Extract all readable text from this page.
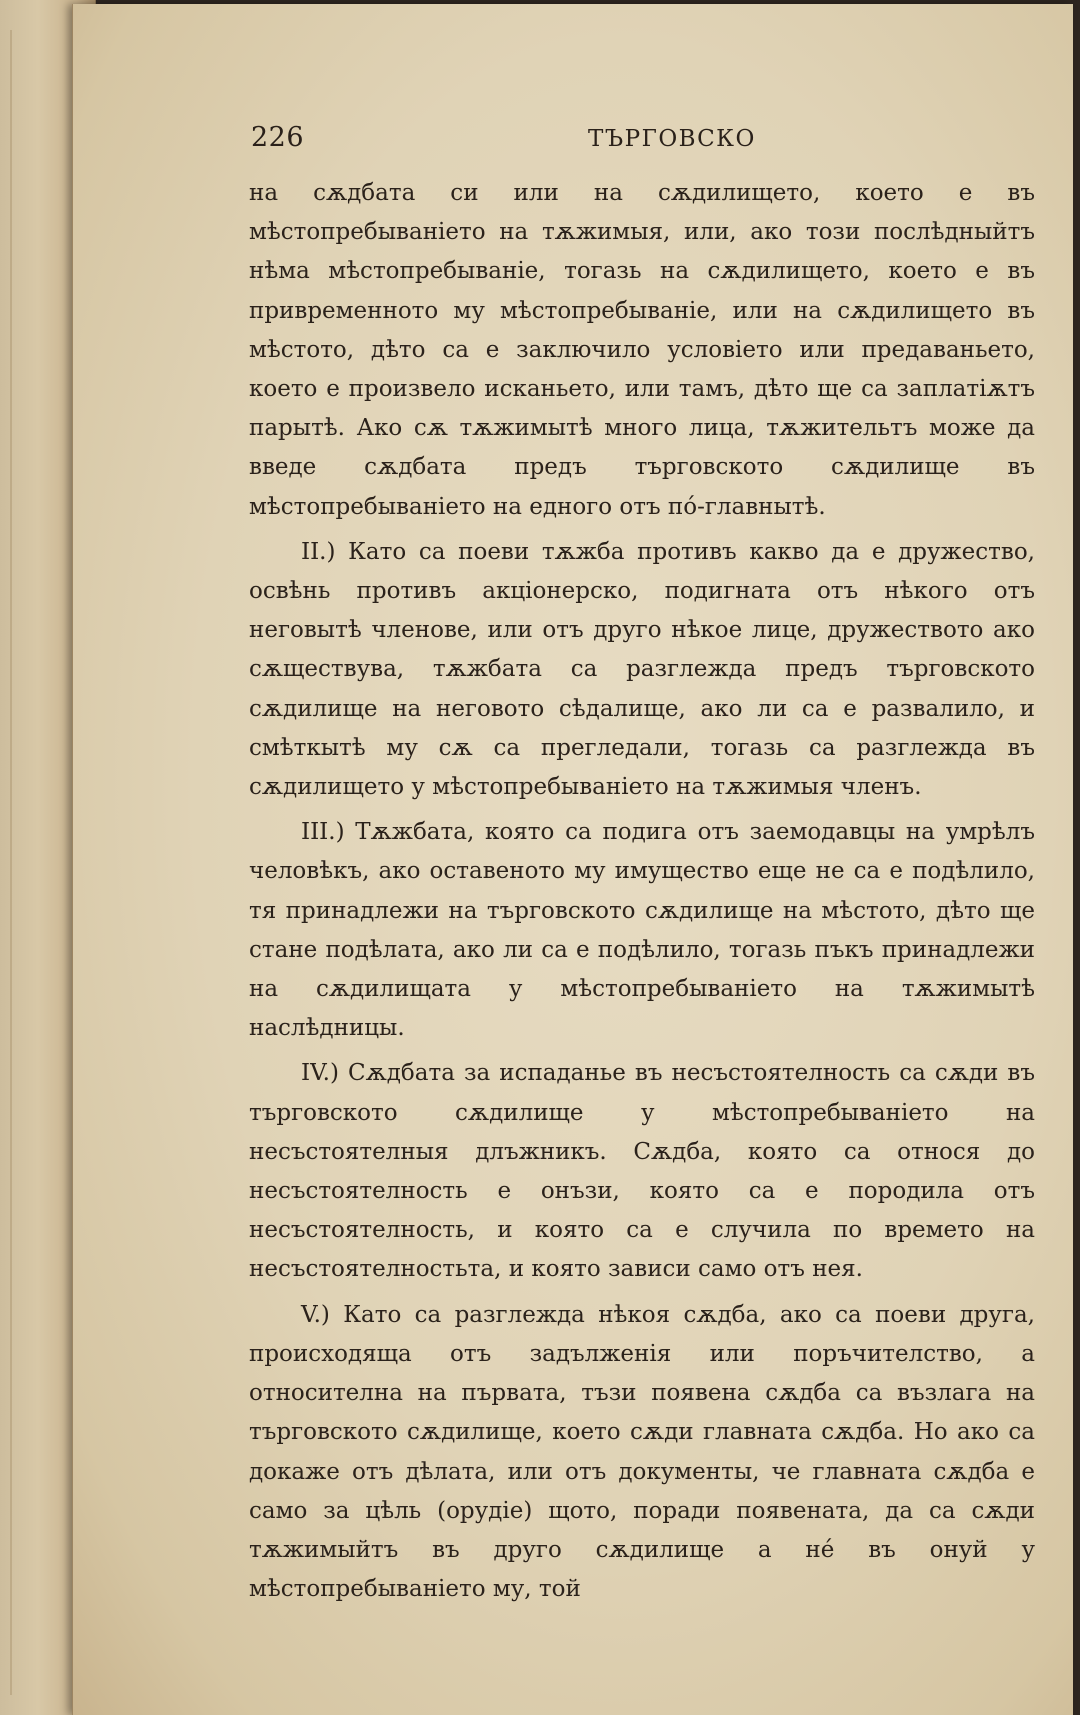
226	ТЪРГОВСКО

на сѫдбата си или на сѫдилището, което е въ мѣстопребыванiето на тѫжимыя, или, ако този послѣдныйтъ нѣма мѣстопребыванiе, тогазь на сѫдилището, което е въ привременното му мѣстопребыванiе, или на сѫдилището въ мѣстото, дѣто са е заключило условiето или предаваньето, което е произвело исканьето, или тамъ, дѣто ще са заплатiѫтъ парытѣ. Ако сѫ тѫжимытѣ много лица, тѫжительтъ може да введе сѫдбата предъ търговското сѫдилище въ мѣстопребыванiето на едного отъ пó-главнытѣ.

II.) Като са поеви тѫжба противъ какво да е дружество, освѣнь противъ акцiонерско, подигната отъ нѣкого отъ неговытѣ членове, или отъ друго нѣкое лице, дружеството ако сѫществува, тѫжбата са разглежда предъ търговското сѫдилище на неговото сѣдалище, ако ли са е развалило, и смѣткытѣ му сѫ са прегледали, тогазь са разглежда въ сѫдилището у мѣстопребыванiето на тѫжимыя членъ.

III.) Тѫжбата, която са подига отъ заемодавцы на умрѣлъ человѣкъ, ако оставеното му имущество еще не са е подѣлило, тя принадлежи на търговското сѫдилище на мѣстото, дѣто ще стане подѣлата, ако ли са е подѣлило, тогазь пъкъ принадлежи на сѫдилищата у мѣстопребыванiето на тѫжимытѣ наслѣдницы.

IV.) Сѫдбата за испаданье въ несъстоятелность са сѫди въ търговското сѫдилище у мѣстопребыванiето на несъстоятелныя длъжникъ. Сѫдба, която са относя до несъстоятелность е онъзи, която са е породила отъ несъстоятелность, и която са е случила по времето на несъстоятелностьта, и която зависи само отъ нея.

V.) Като са разглежда нѣкоя сѫдба, ако са поеви друга, происходяща отъ задълженiя или поръчителство, а относителна на първата, тъзи появена сѫдба са възлага на търговското сѫдилище, което сѫди главната сѫдба. Но ако са докаже отъ дѣлата, или отъ документы, че главната сѫдба е само за цѣль (орудiе) щото, поради появената, да са сѫди тѫжимыйтъ въ друго сѫдилище а нé въ онуй у мѣстопребыванiето му, той
